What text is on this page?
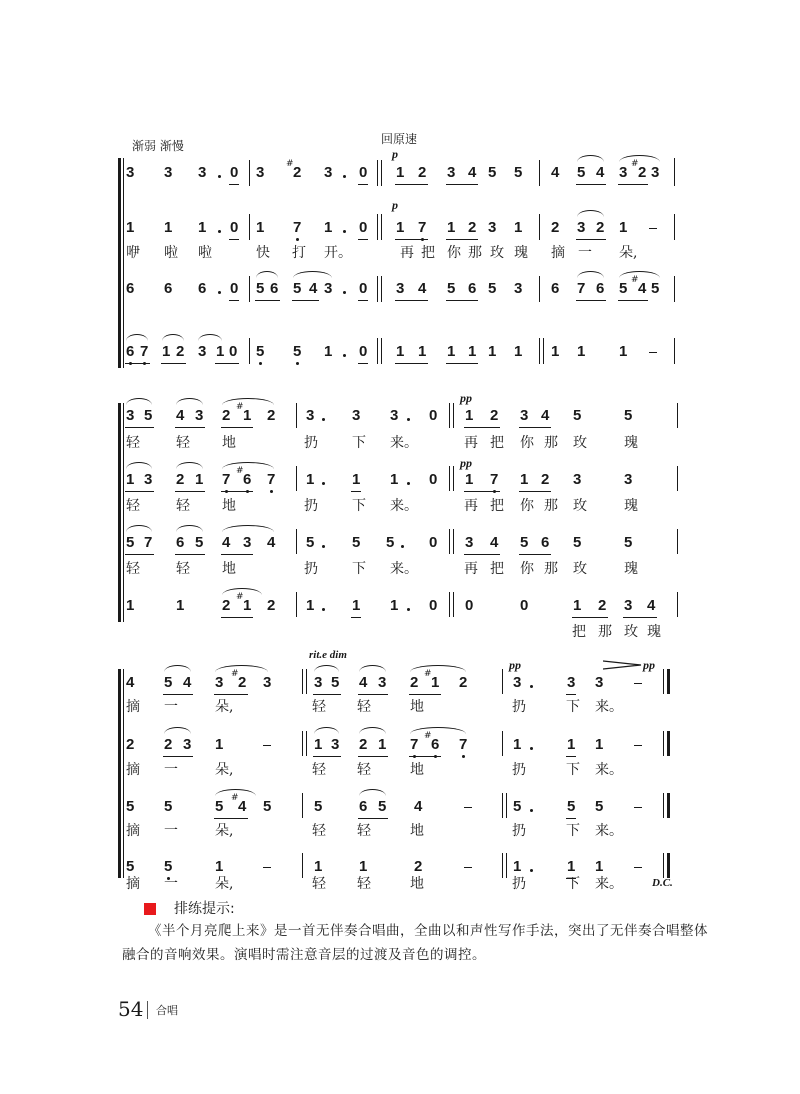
渐弱 渐慢	回原速
p
p
3 3 3 0 3 2
# 3 0 1 2 3 4 5 5 4 5 4 3 2
# 3
1 1 1 0 1 7 1 0 1 7 1 2 3 1 2 3 2 1
咿 啦 啦	快 打 开。	再 把 你 那 玫 瑰 摘 一 朵,
6 6 6 0 5 6 5 4 3 0 3 4 5 6 5 3 6 7 6 5 4
# 5
6 7 1 2 3 1 0 5 5 1 0 1 1 1 1 1 1 1 1 1
pp
pp
3 5 4 3 2 1
# 2 3	3 3 0 1 2 3 4 5	5
轻	轻 地	扔 下 来。	再 把 你 那 玫	瑰
1 3 2 1 7 6
# 7 1	1 1 0 1 7 1 2 3	3
轻	轻 地	扔 下 来。	再 把 你 那 玫	瑰
5 7 6 5 4 3 4 5	5 5 0 3 4 5 6 5	5
轻	轻 地	扔 下 来。	再 把 你 那 玫	瑰
1	1	2 1
# 2 1	1 1 0 0	0	1 2 3 4
把 那 玫 瑰
rit.e dim
pp	pp
4 5 4 3 2
# 3	3 5 4 3 2 1
# 2	3	3 3
摘 一	朵,	轻 轻	地	扔	下 来。
2 2 3 1	1 3 2 1 7 6
# 7	1	1 1
摘 一	朵,	轻 轻	地	扔	下 来。
5 5	5 4
# 5	5 6 5 4	5	5 5
摘 一	朵,	轻 轻	地	扔	下 来。
5 5	1	1 1	2	1	1 1
摘 一	朵,	轻 轻	地	扔	下 来。	D.C.
排练提示:
《半个月亮爬上来》是一首无伴奏合唱曲，全曲以和声性写作手法，突出了无伴奏合唱整体
融合的音响效果。演唱时需注意音层的过渡及音色的调控。
54 合唱
